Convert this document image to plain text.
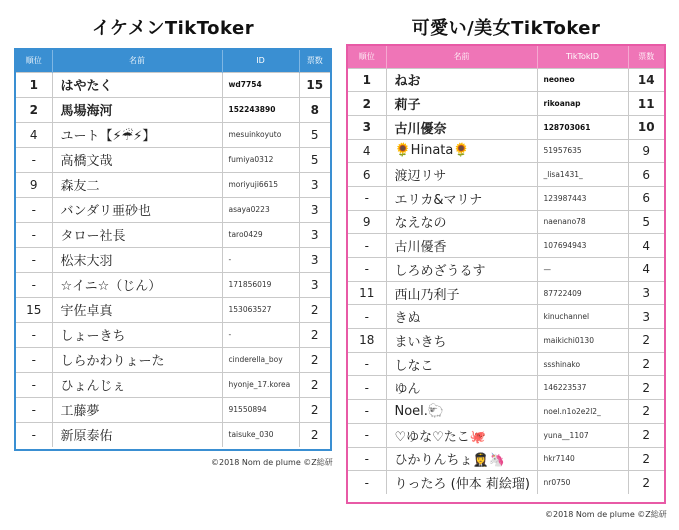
イケメンTikToker	可愛い/美女TikToker
順位	名前	ID	票数
1	はやたく	wd7754	15
2	馬場海河	152243890	8
4	ユート【⚡☔⚡】	mesuinkoyuto	5
-	高橋文哉	fumiya0312	5
9	森友二	moriyuji6615	3
-	バンダリ亜砂也	asaya0223	3
-	タロー社長	taro0429	3
-	松末大羽	-	3
-	☆イニ☆（じん）	171856019	3
15	宇佐卓真	153063527	2
-	しょーきち	-	2
-	しらかわりょーた	cinderella_boy	2
-	ひょんじぇ	hyonje_17.korea	2
-	工藤夢	91550894	2
-	新原泰佑	taisuke_030	2
順位	名前	TikTokID	票数
1	ねお	neoneo	14
2	莉子	rikoanap	11
3	古川優奈	128703061	10
4	🌻Hinata🌻	51957635	9
6	渡辺リサ	_lisa1431_	6
-	エリカ&マリナ	123987443	6
9	なえなの	naenano78	5
-	古川優香	107694943	4
-	しろめざうるす	—	4
11	西山乃利子	87722409	3
-	きぬ	kinuchannel	3
18	まいきち	maikichi0130	2
-	しなこ	ssshinako	2
-	ゆん	146223537	2
-	Noel.🐑	noel.n1o2e2l2_	2
-	♡ゆな♡たこ🐙	yuna__1107	2
-	ひかりんちょ👩‍✈️🦄	hkr7140	2
-	りったろ (仲本 莉絵瑠)	nr0750	2
©2018 Nom de plume ©Z総研
©2018 Nom de plume ©Z総研
